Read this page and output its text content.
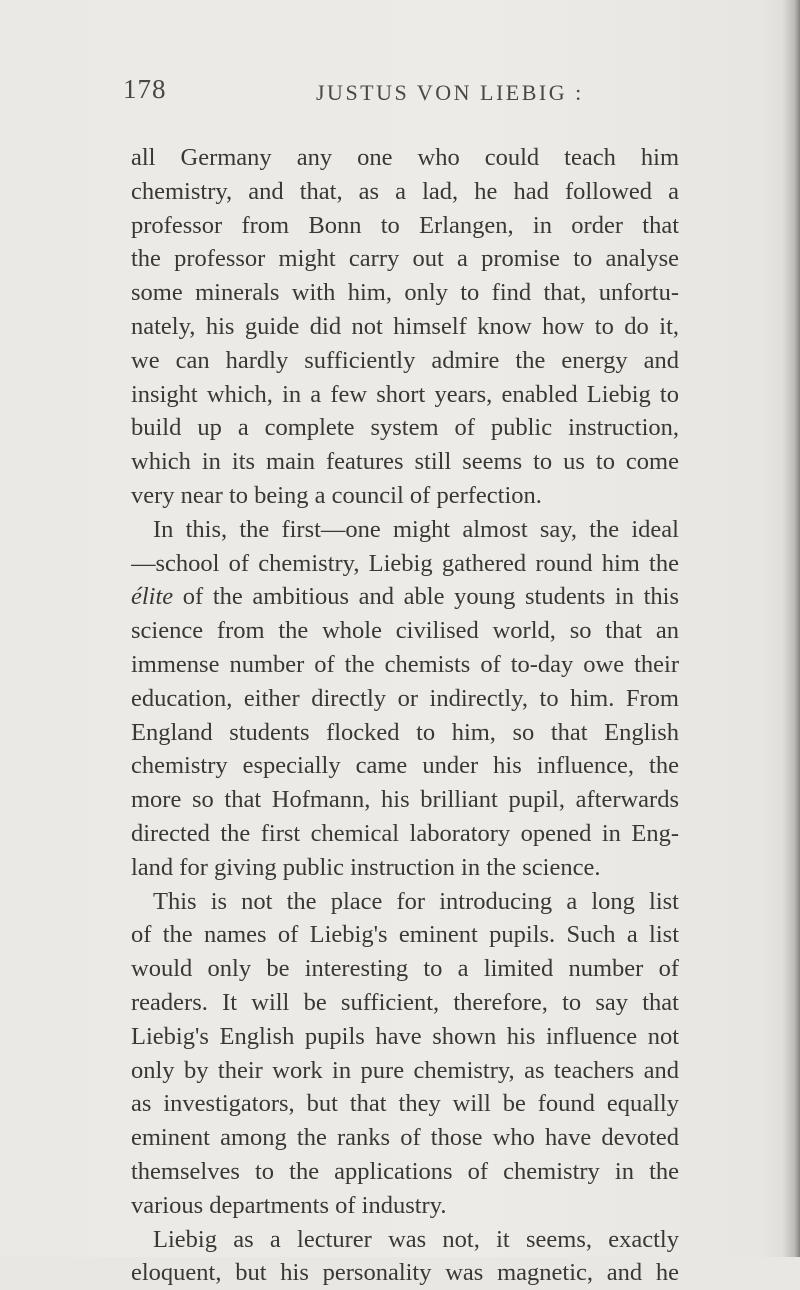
178	JUSTUS VON LIEBIG :
all Germany any one who could teach him
chemistry, and that, as a lad, he had followed a
professor from Bonn to Erlangen, in order that
the professor might carry out a promise to analyse
some minerals with him, only to find that, unfortu-
nately, his guide did not himself know how to do it,
we can hardly sufficiently admire the energy and
insight which, in a few short years, enabled Liebig to
build up a complete system of public instruction,
which in its main features still seems to us to come
very near to being a council of perfection.
In this, the first—one might almost say, the ideal
—school of chemistry, Liebig gathered round him the
élite of the ambitious and able young students in this
science from the whole civilised world, so that an
immense number of the chemists of to-day owe their
education, either directly or indirectly, to him. From
England students flocked to him, so that English
chemistry especially came under his influence, the
more so that Hofmann, his brilliant pupil, afterwards
directed the first chemical laboratory opened in Eng-
land for giving public instruction in the science.
This is not the place for introducing a long list
of the names of Liebig's eminent pupils. Such a list
would only be interesting to a limited number of
readers. It will be sufficient, therefore, to say that
Liebig's English pupils have shown his influence not
only by their work in pure chemistry, as teachers and
as investigators, but that they will be found equally
eminent among the ranks of those who have devoted
themselves to the applications of chemistry in the
various departments of industry.
Liebig as a lecturer was not, it seems, exactly
eloquent, but his personality was magnetic, and he
